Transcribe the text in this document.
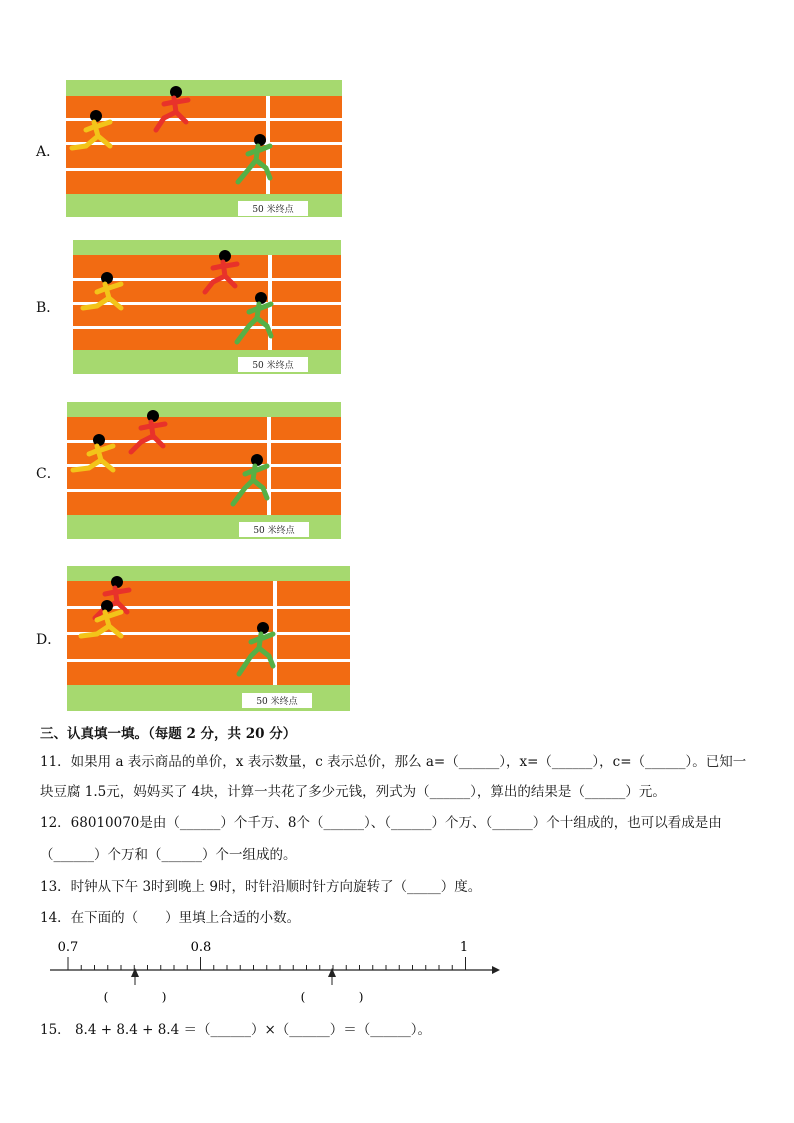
A．
50 米终点
B．
50 米终点
C．
50 米终点
D．
50 米终点
三、认真填一填。（每题 2 分，共 20 分）
11．如果用 a 表示商品的单价，x 表示数量，c 表示总价，那么 a=（______），x=（______），c=（______）。已知一
块豆腐 1.5元，妈妈买了 4块，计算一共花了多少元钱，列式为（______），算出的结果是（______）元。
12．68010070是由（______）个千万、8个（______）、（______）个万、（______）个十组成的，也可以看成是由
（______）个万和（______）个一组成的。
13．时钟从下午 3时到晚上 9时，时针沿顺时针方向旋转了（_____）度。
14．在下面的（　　）里填上合适的小数。
0.7	0.8	1
(              )	(              )
15． 8.4 + 8.4 + 8.4 ＝（______）×（______）＝（______）。
